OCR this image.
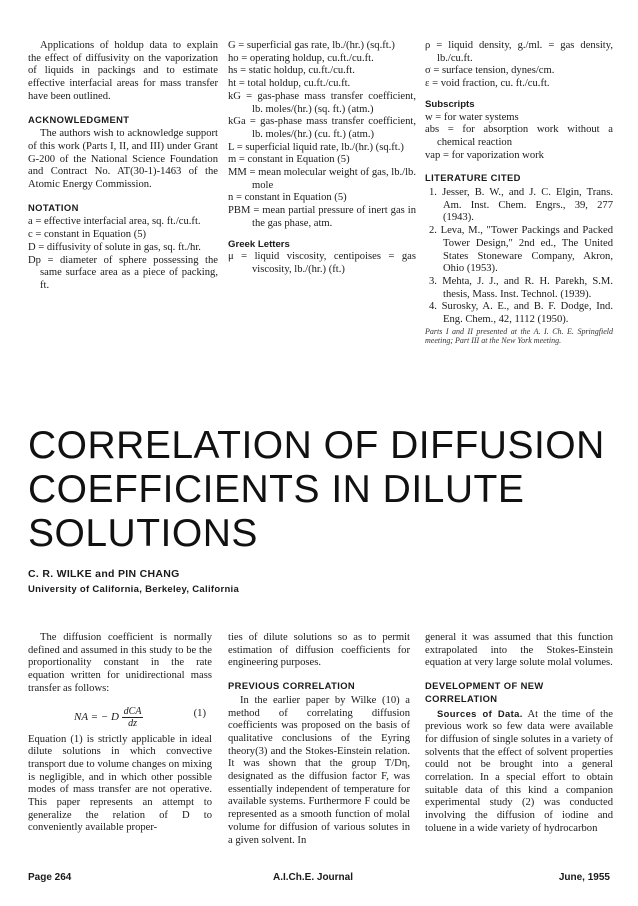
Applications of holdup data to explain the effect of diffusivity on the vaporization of liquids in packings and to estimate effective interfacial areas for mass transfer have been outlined.

ACKNOWLEDGMENT

The authors wish to acknowledge support of this work (Parts I, II, and III) under Grant G-200 of the National Science Foundation and Contract No. AT(30-1)-1463 of the Atomic Energy Commission.

NOTATION

a = effective interfacial area, sq. ft./cu.ft.

c = constant in Equation (5)

D = diffusivity of solute in gas, sq. ft./hr.

Dp = diameter of sphere possessing the same surface area as a piece of packing, ft.

G = superficial gas rate, lb./(hr.) (sq.ft.)

ho = operating holdup, cu.ft./cu.ft.

hs = static holdup, cu.ft./cu.ft.

ht = total holdup, cu.ft./cu.ft.

kG = gas-phase mass transfer coefficient, lb. moles/(hr.) (sq. ft.) (atm.)

kGa = gas-phase mass transfer coefficient, lb. moles/(hr.) (cu. ft.) (atm.)

L = superficial liquid rate, lb./(hr.) (sq.ft.)

m = constant in Equation (5)

MM = mean molecular weight of gas, lb./lb. mole

n = constant in Equation (5)

PBM = mean partial pressure of inert gas in the gas phase, atm.

Greek Letters

μ = liquid viscosity, centipoises = gas viscosity, lb./(hr.) (ft.)

ρ = liquid density, g./ml. = gas density, lb./cu.ft.

σ = surface tension, dynes/cm.

ε = void fraction, cu. ft./cu.ft.

Subscripts

w = for water systems

abs = for absorption work without a chemical reaction

vap = for vaporization work

LITERATURE CITED

1. Jesser, B. W., and J. C. Elgin, Trans. Am. Inst. Chem. Engrs., 39, 277 (1943).

2. Leva, M., "Tower Packings and Packed Tower Design," 2nd ed., The United States Stoneware Company, Akron, Ohio (1953).

3. Mehta, J. J., and R. H. Parekh, S.M. thesis, Mass. Inst. Technol. (1939).

4. Surosky, A. E., and B. F. Dodge, Ind. Eng. Chem., 42, 1112 (1950).

Parts I and II presented at the A. I. Ch. E. Springfield meeting; Part III at the New York meeting.

CORRELATION OF DIFFUSION
COEFFICIENTS IN DILUTE
SOLUTIONS
C. R. WILKE and PIN CHANG
University of California, Berkeley, California

The diffusion coefficient is normally defined and assumed in this study to be the proportionality constant in the rate equation written for unidirectional mass transfer as follows:

NA = − D $\frac{\text{dCA}}{dz}$	(1)

Equation (1) is strictly applicable in ideal dilute solutions in which convective transport due to volume changes on mixing is negligible, and in which other possible modes of mass transfer are not operative. This paper represents an attempt to generalize the relation of D to conveniently available proper-

ties of dilute solutions so as to permit estimation of diffusion coefficients for engineering purposes.

PREVIOUS CORRELATION

In the earlier paper by Wilke (10) a method of correlating diffusion coefficients was proposed on the basis of qualitative conclusions of the Eyring theory(3) and the Stokes-Einstein relation. It was shown that the group T/Dη, designated as the diffusion factor F, was essentially independent of temperature for available systems. Furthermore F could be represented as a smooth function of molal volume for diffusion of various solutes in a given solvent. In

general it was assumed that this function extrapolated into the Stokes-Einstein equation at very large solute molal volumes.

DEVELOPMENT OF NEW CORRELATION

Sources of Data. At the time of the previous work so few data were available for diffusion of single solutes in a variety of solvents that the effect of solvent properties could not be brought into a general correlation. In a special effort to obtain suitable data of this kind a companion experimental study (2) was conducted involving the diffusion of iodine and toluene in a wide variety of hydrocarbon

Page 264	A.I.Ch.E. Journal	June, 1955
